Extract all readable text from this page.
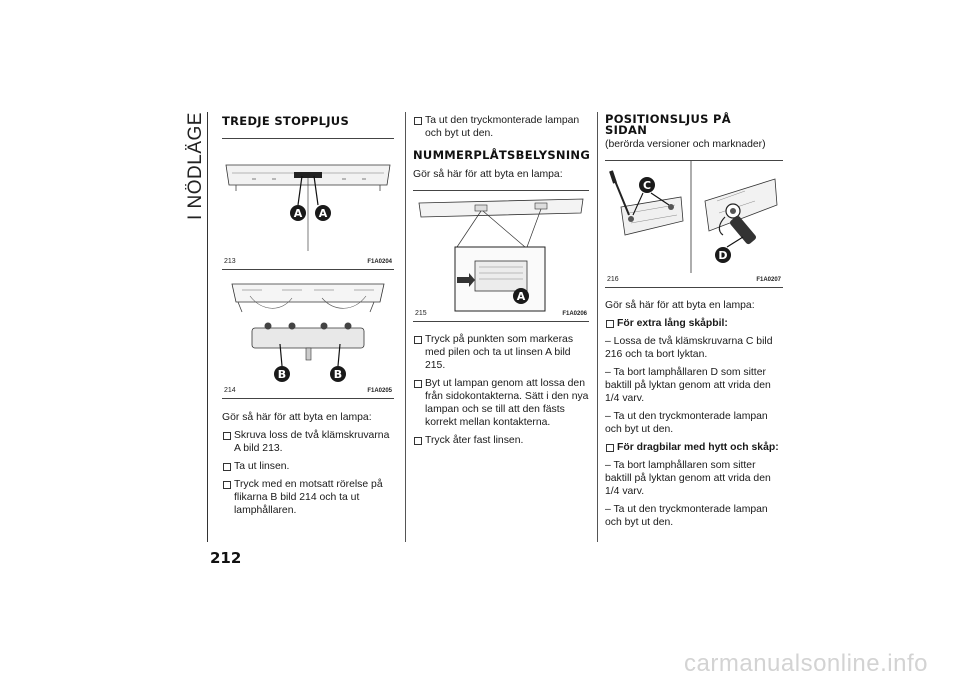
I NÖDLÄGE	TREDJE STOPPLJUS
A A
213	F1A0204
B	B
214	F1A0205

Gör så här för att byta en lampa:

Skruva loss de två klämskruvarna A bild 213.

Ta ut linsen.

Tryck med en motsatt rörelse på flikarna B bild 214 och ta ut lamphållaren.

Ta ut den tryckmonterade lampan och byt ut den.

NUMMERPLÅTSBELYSNING

Gör så här för att byta en lampa:

A
215	F1A0206

Tryck på punkten som markeras med pilen och ta ut linsen A bild 215.

Byt ut lampan genom att lossa den från sidokontakterna. Sätt i den nya lampan och se till att den fästs korrekt mellan kontakterna.

Tryck åter fast linsen.

POSITIONSLJUS PÅ
SIDAN

(berörda versioner och marknader)

C
D
216	F1A0207

Gör så här för att byta en lampa:

För extra lång skåpbil:

– Lossa de två klämskruvarna C bild 216 och ta bort lyktan.

– Ta bort lamphållaren D som sitter baktill på lyktan genom att vrida den 1/4 varv.

– Ta ut den tryckmonterade lampan och byt ut den.

För dragbilar med hytt och skåp:

– Ta bort lamphållaren som sitter baktill på lyktan genom att vrida den 1/4 varv.

– Ta ut den tryckmonterade lampan och byt ut den.

212
carmanualsonline.info
